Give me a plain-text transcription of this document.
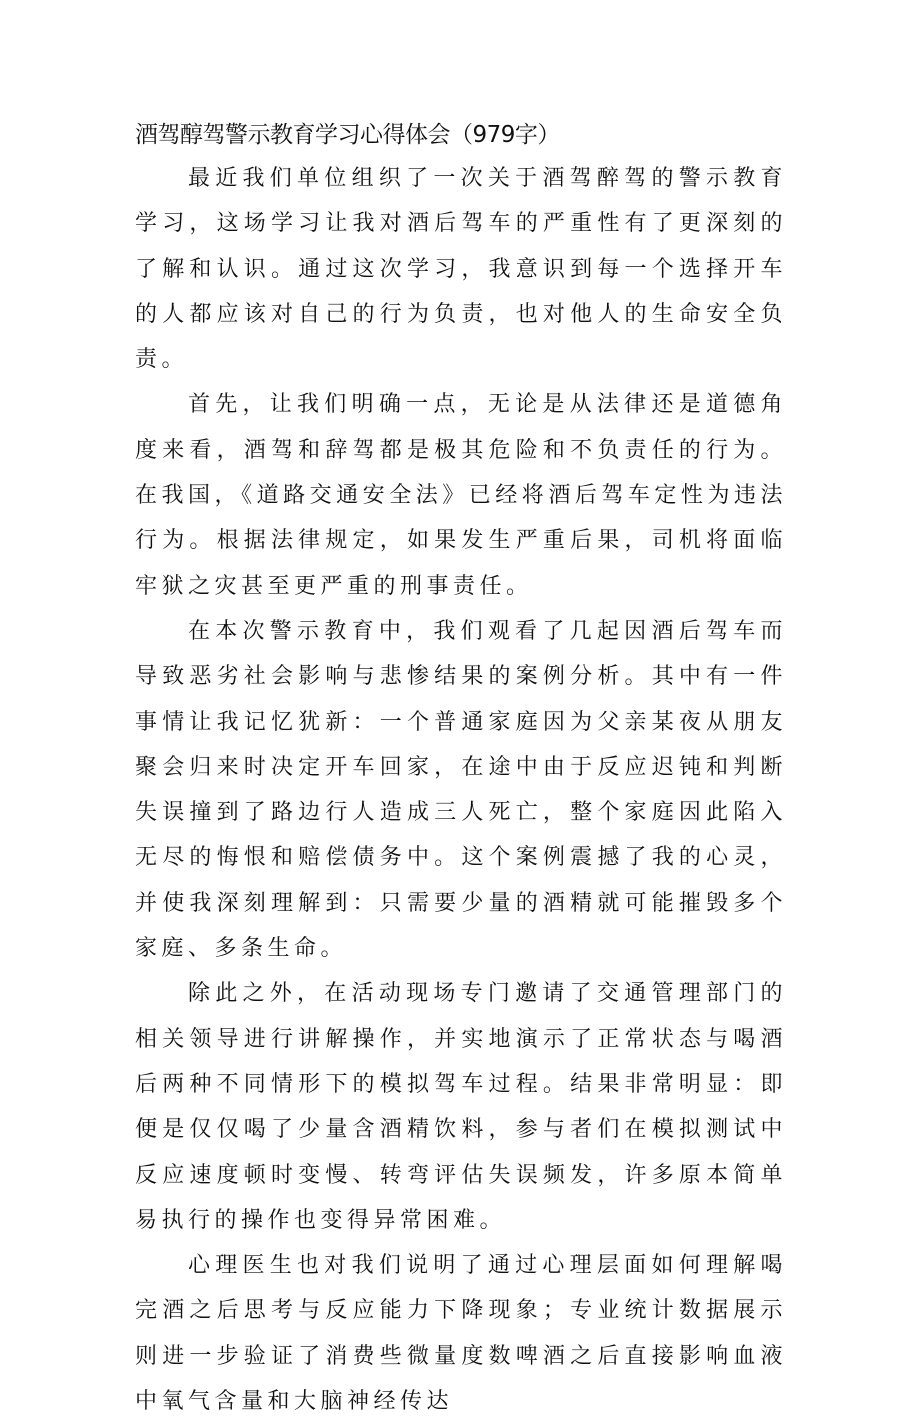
酒驾醇驾警示教育学习心得体会（979字）

最近我们单位组织了一次关于酒驾醉驾的警示教育学习，这场学习让我对酒后驾车的严重性有了更深刻的了解和认识。通过这次学习，我意识到每一个选择开车的人都应该对自己的行为负责，也对他人的生命安全负责。

首先，让我们明确一点，无论是从法律还是道德角度来看，酒驾和辞驾都是极其危险和不负责任的行为。在我国，《道路交通安全法》已经将酒后驾车定性为违法行为。根据法律规定，如果发生严重后果，司机将面临牢狱之灾甚至更严重的刑事责任。

在本次警示教育中，我们观看了几起因酒后驾车而导致恶劣社会影响与悲惨结果的案例分析。其中有一件事情让我记忆犹新：一个普通家庭因为父亲某夜从朋友聚会归来时决定开车回家，在途中由于反应迟钝和判断失误撞到了路边行人造成三人死亡，整个家庭因此陷入无尽的悔恨和赔偿债务中。这个案例震撼了我的心灵，并使我深刻理解到：只需要少量的酒精就可能摧毁多个家庭、多条生命。

除此之外，在活动现场专门邀请了交通管理部门的相关领导进行讲解操作，并实地演示了正常状态与喝酒后两种不同情形下的模拟驾车过程。结果非常明显：即便是仅仅喝了少量含酒精饮料，参与者们在模拟测试中反应速度顿时变慢、转弯评估失误频发，许多原本简单易执行的操作也变得异常困难。

心理医生也对我们说明了通过心理层面如何理解喝完酒之后思考与反应能力下降现象；专业统计数据展示则进一步验证了消费些微量度数啤酒之后直接影响血液中氧气含量和大脑神经传达
